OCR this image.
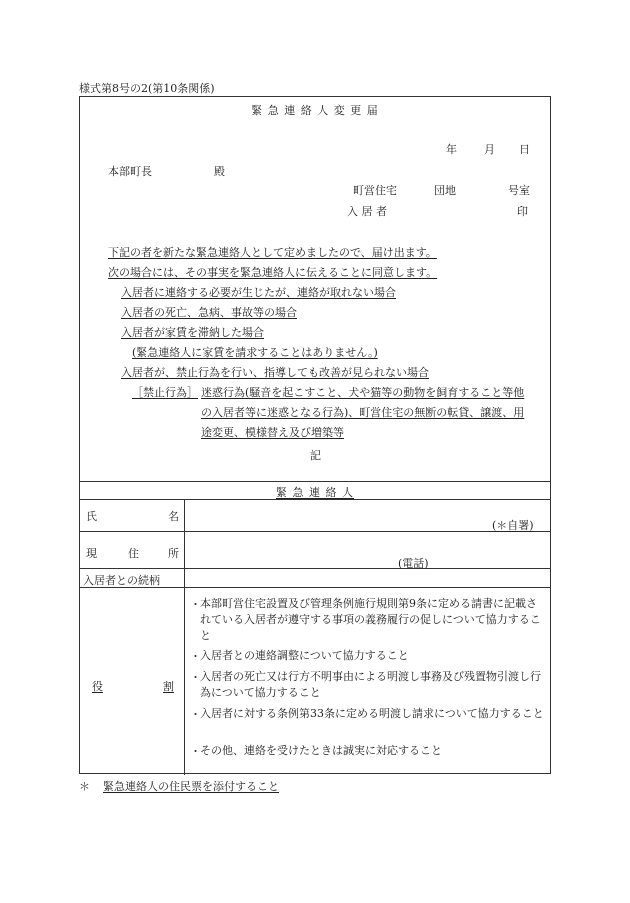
様式第8号の2(第10条関係)
緊 急 連 絡 人 変 更 届
年 月 日
本部町長	殿
町営住宅	団地	号室
入 居 者	印
下記の者を新たな緊急連絡人として定めましたので、届け出ます。
次の場合には、その事実を緊急連絡人に伝えることに同意します。
入居者に連絡する必要が生じたが、連絡が取れない場合
入居者の死亡、急病、事故等の場合
入居者が家賃を滞納した場合
(緊急連絡人に家賃を請求することはありません。)
入居者が、禁止行為を行い、指導しても改善が見られない場合
［禁止行為］ 迷惑行為(騒音を起こすこと、犬や猫等の動物を飼育すること等他
の入居者等に迷惑となる行為)、町営住宅の無断の転貸、譲渡、用
途変更、模様替え及び増築等
記
緊 急 連 絡 人
氏	名
(＊自署)
現	住	所
(電話)
入居者との続柄
役	割
・ 本部町営住宅設置及び管理条例施行規則第9条に定める請書に記載されている入居者が遵守する事項の義務履行の促しについて協力すること
・ 入居者との連絡調整について協力すること
・ 入居者の死亡又は行方不明事由による明渡し事務及び残置物引渡し行為について協力すること
・ 入居者に対する条例第33条に定める明渡し請求について協力すること
・ その他、連絡を受けたときは誠実に対応すること
＊ 緊急連絡人の住民票を添付すること
